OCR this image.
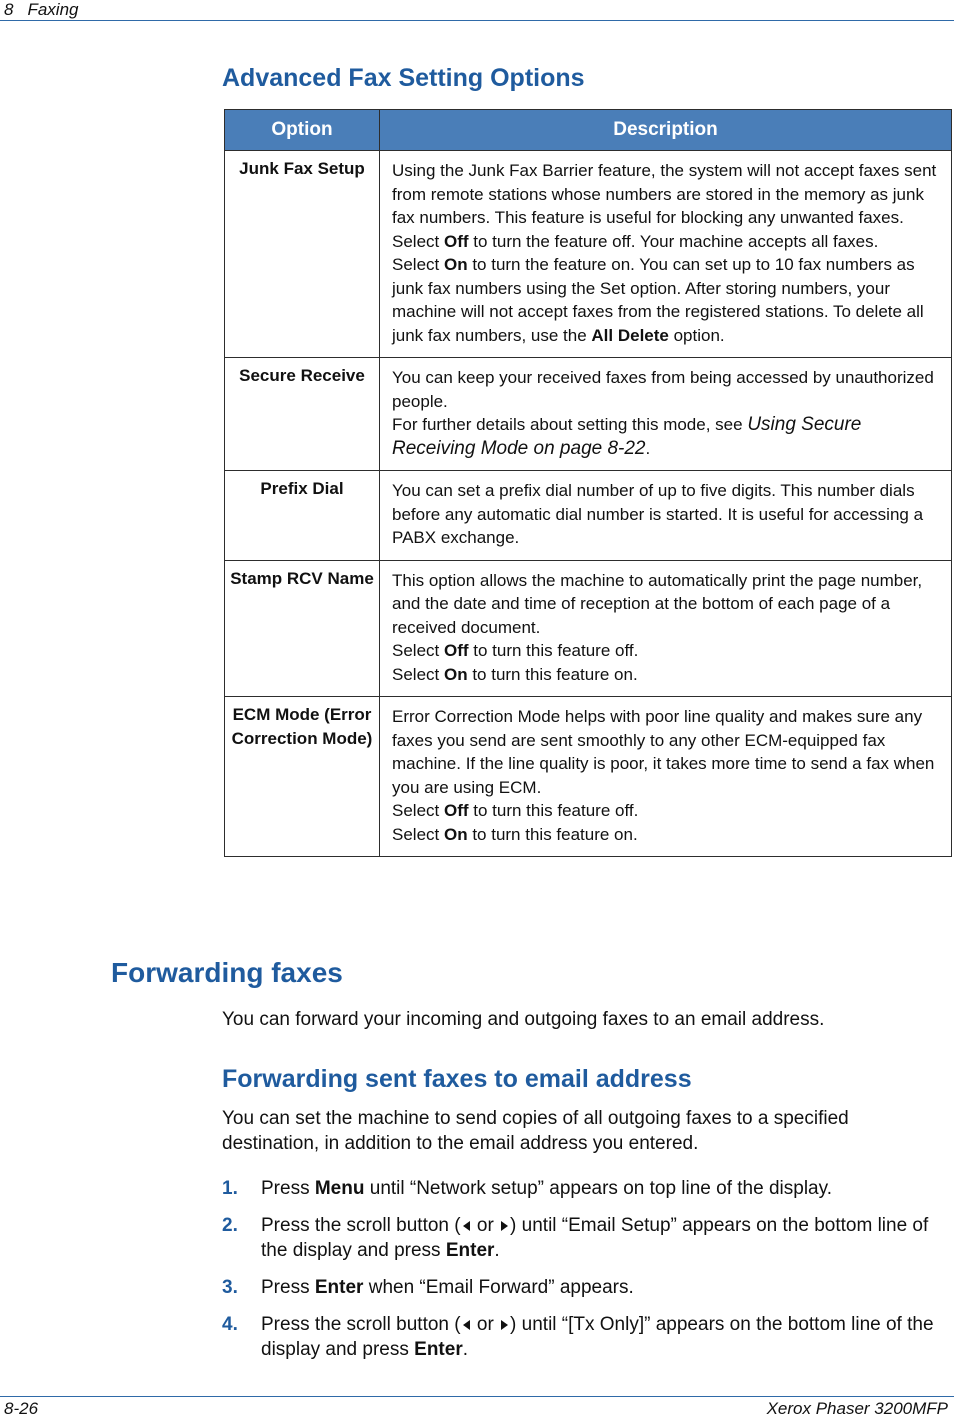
8 Faxing
Advanced Fax Setting Options
Option	Description
Junk Fax Setup	Using the Junk Fax Barrier feature, the system will not accept faxes sent from remote stations whose numbers are stored in the memory as junk fax numbers. This feature is useful for blocking any unwanted faxes.

Select Off to turn the feature off. Your machine accepts all faxes.

Select On to turn the feature on. You can set up to 10 fax numbers as junk fax numbers using the Set option. After storing numbers, your machine will not accept faxes from the registered stations. To delete all junk fax numbers, use the All Delete option.

Secure Receive	You can keep your received faxes from being accessed by unauthorized people.

For further details about setting this mode, see Using Secure Receiving Mode on page 8-22.

Prefix Dial	You can set a prefix dial number of up to five digits. This number dials before any automatic dial number is started. It is useful for accessing a PABX exchange.

Stamp RCV Name	This option allows the machine to automatically print the page number, and the date and time of reception at the bottom of each page of a received document.

Select Off to turn this feature off.

Select On to turn this feature on.

ECM Mode (Error Correction Mode)	Error Correction Mode helps with poor line quality and makes sure any faxes you send are sent smoothly to any other ECM-equipped fax machine. If the line quality is poor, it takes more time to send a fax when you are using ECM.

Select Off to turn this feature off.

Select On to turn this feature on.

Forwarding faxes
You can forward your incoming and outgoing faxes to an email address.
Forwarding sent faxes to email address
You can set the machine to send copies of all outgoing faxes to a specified destination, in addition to the email address you entered.
1. Press Menu until “Network setup” appears on top line of the display.
2. Press the scroll button ( or ) until “Email Setup” appears on the bottom line of the display and press Enter.
3. Press Enter when “Email Forward” appears.
4. Press the scroll button ( or ) until “[Tx Only]” appears on the bottom line of the display and press Enter.
8-26	Xerox Phaser 3200MFP
